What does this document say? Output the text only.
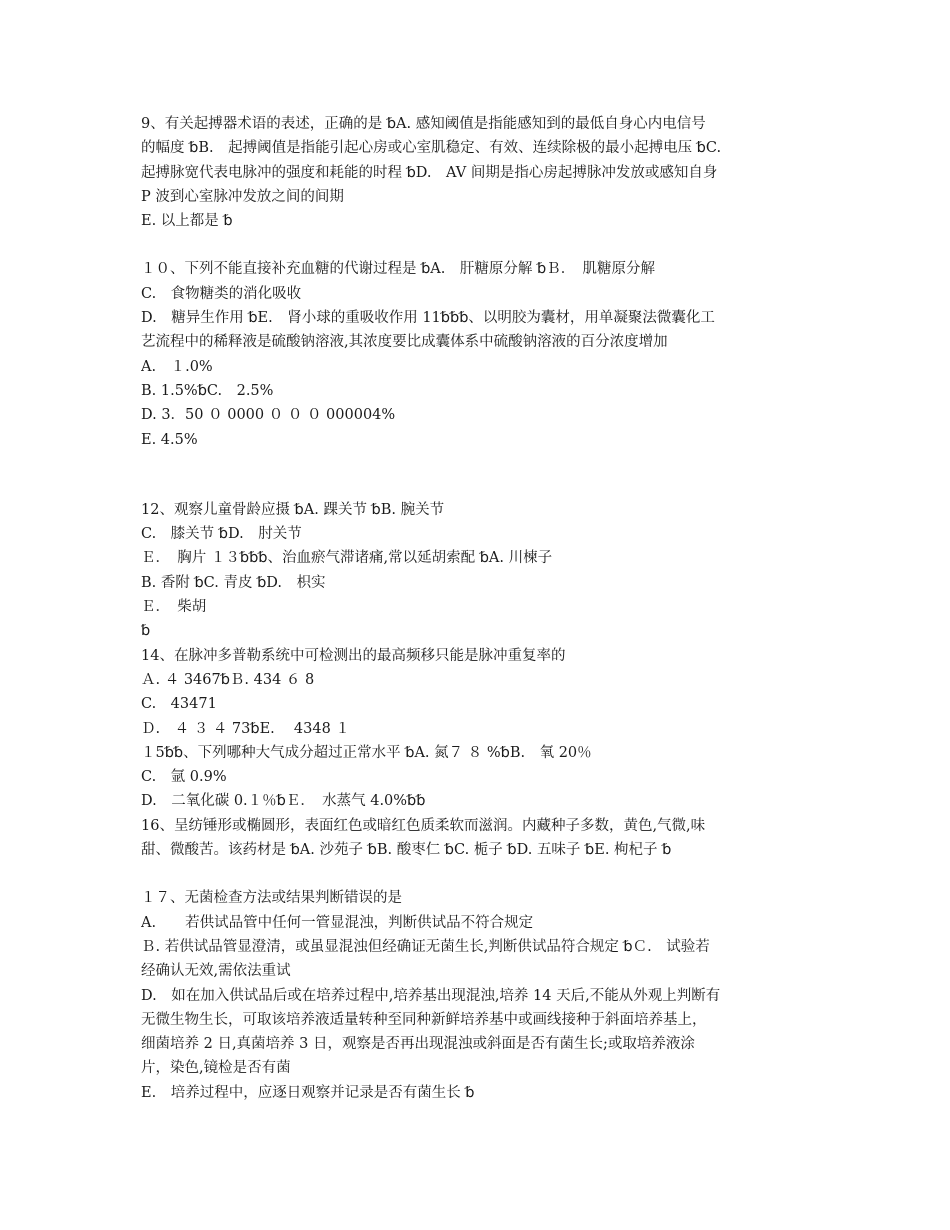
9、有关起搏器术语的表述，正确的是 ␢A. 感知阈值是指能感知到的最低自身心内电信号
的幅度 ␢B.　起搏阈值是指能引起心房或心室肌稳定、有效、连续除极的最小起搏电压 ␢C.
起搏脉宽代表电脉冲的强度和耗能的时程 ␢D.　AV 间期是指心房起搏脉冲发放或感知自身
P 波到心室脉冲发放之间的间期
E. 以上都是 ␢
１０、下列不能直接补充血糖的代谢过程是 ␢A.　肝糖原分解 ␢Ｂ．　肌糖原分解
C.　食物糖类的消化吸收
D.　糖异生作用 ␢E.　肾小球的重吸收作用 11␢␢␢、以明胶为囊材，用单凝聚法微囊化工
艺流程中的稀释液是硫酸钠溶液,其浓度要比成囊体系中硫酸钠溶液的百分浓度增加
A.　１.0%
B. 1.5%␢C.　2.5%
D. 3．50 ０ 0000 ０ ０ ０ 000004%
E. 4.5%
12、观察儿童骨龄应摄 ␢A. 踝关节 ␢B. 腕关节
C.　膝关节 ␢D.　肘关节
Ｅ．　胸片 １３␢␢␢、治血瘀气滞诸痛,常以延胡索配 ␢A. 川楝子
B. 香附 ␢C. 青皮 ␢D.　枳实
Ｅ．　柴胡
␢
14、在脉冲多普勒系统中可检测出的最高频移只能是脉冲重复率的
Ａ. ４ 3467␢Ｂ. 434 ６ 8
C.　43471
Ｄ.　４ ３ ４ 73␢E.　 4348 １
１5␢␢、下列哪种大气成分超过正常水平 ␢A. 氮７ ８ %␢B.　氧 20％
C.　氩 0.9%
D.　二氧化碳 0.１％␢Ｅ．　水蒸气 4.0%␢␢
16、呈纺锤形或椭圆形，表面红色或暗红色质柔软而滋润。内藏种子多数，黄色,气微,味
甜、微酸苦。该药材是 ␢A. 沙苑子 ␢B. 酸枣仁 ␢C. 栀子 ␢D. 五味子 ␢E. 枸杞子 ␢
１７、无菌检查方法或结果判断错误的是
A.　　若供试品管中任何一管显混浊，判断供试品不符合规定
Ｂ. 若供试品管显澄清，或虽显混浊但经确证无菌生长,判断供试品符合规定 ␢Ｃ.　试验若
经确认无效,需依法重试
D.　如在加入供试品后或在培养过程中,培养基出现混浊,培养 14 天后,不能从外观上判断有
无微生物生长，可取该培养液适量转种至同种新鲜培养基中或画线接种于斜面培养基上，
细菌培养 2 日,真菌培养 3 日，观察是否再出现混浊或斜面是否有菌生长;或取培养液涂
片，染色,镜检是否有菌
E.　培养过程中，应逐日观察并记录是否有菌生长 ␢
